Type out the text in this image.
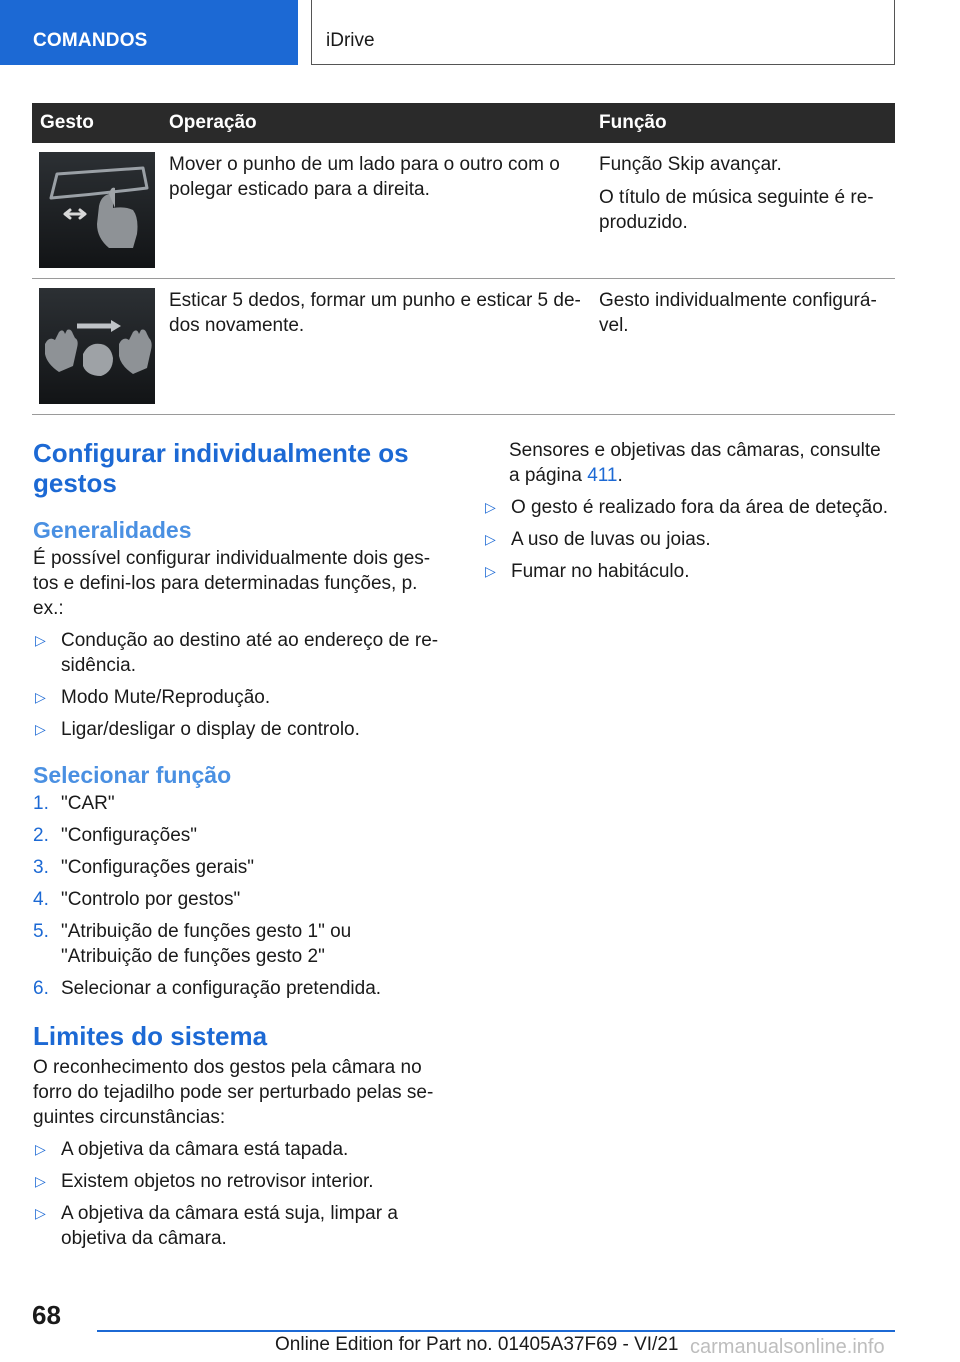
COMANDOS	iDrive
Gesto	Operação	Função

	Mover o punho de um lado para o outro com o polegar esticado para a direita.	Função Skip avançar.

O título de música seguinte é reproduzido.

	Esticar 5 dedos, formar um punho e esticar 5 dedos novamente.	Gesto individualmente configurável.

Configurar individualmente os gestos
Generalidades

É possível configurar individualmente dois gestos e defini-los para determinadas funções, p. ex.:

▷ Condução ao destino até ao endereço de residência.
▷ Modo Mute/Reprodução.
▷ Ligar/desligar o display de controlo.
Selecionar função
1. "CAR"
2. "Configurações"
3. "Configurações gerais"
4. "Controlo por gestos"
5. "Atribuição de funções gesto 1" ou "Atribuição de funções gesto 2"
6. Selecionar a configuração pretendida.
Limites do sistema

O reconhecimento dos gestos pela câmara no forro do tejadilho pode ser perturbado pelas seguintes circunstâncias:

▷ A objetiva da câmara está tapada.
▷ Existem objetos no retrovisor interior.
▷ A objetiva da câmara está suja, limpar a objetiva da câmara.

Sensores e objetivas das câmaras, consulte a página 411.

▷ O gesto é realizado fora da área de deteção.
▷ A uso de luvas ou joias.
▷ Fumar no habitáculo.
68
Online Edition for Part no. 01405A37F69 - VI/21 carmanualsonline.info
